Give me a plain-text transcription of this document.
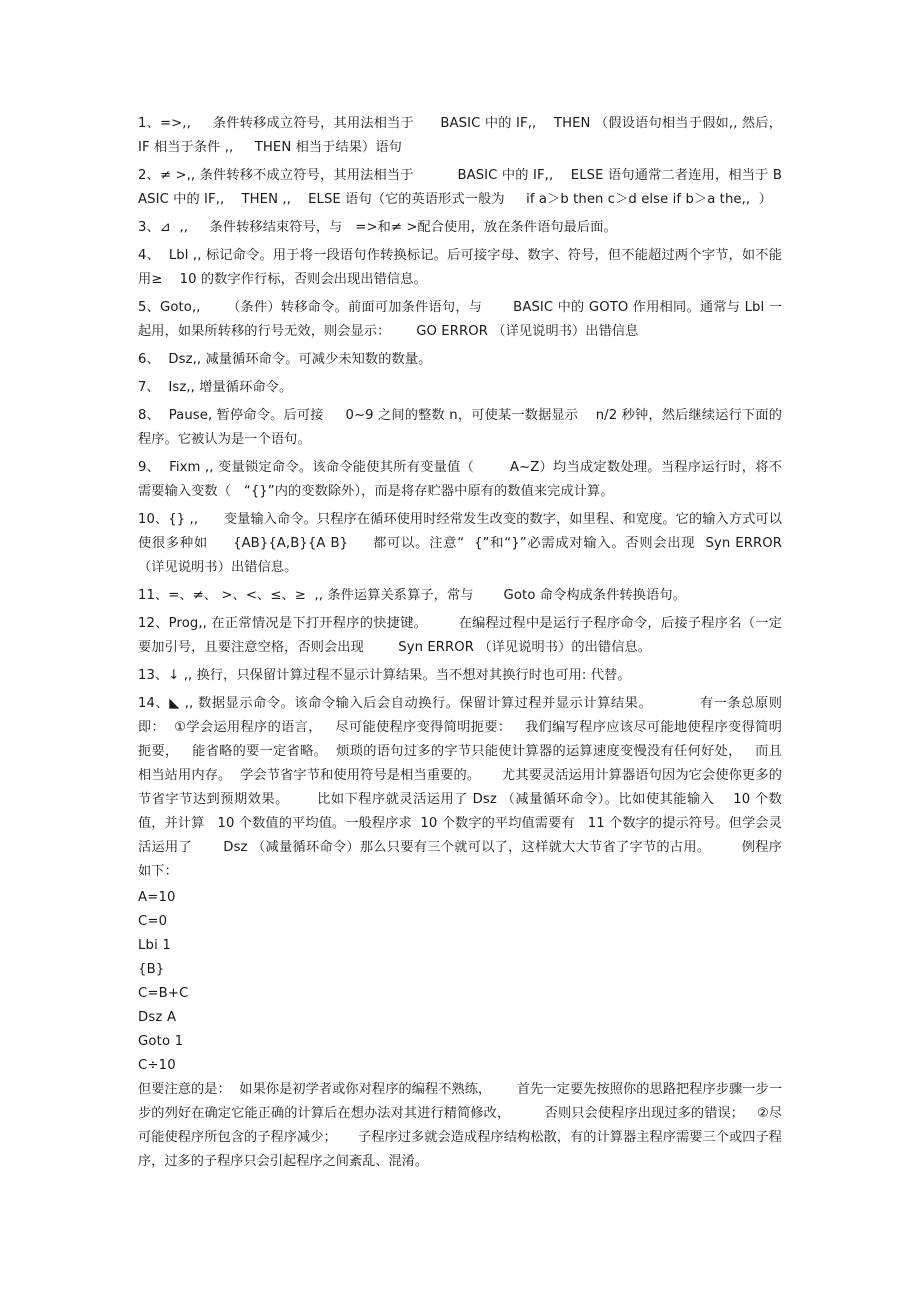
1、=>,,     条件转移成立符号，其用法相当于      BASIC 中的 IF,,    THEN （假设语句相当于假如,, 然后，     IF 相当于条件 ,,     THEN 相当于结果）语句

2、≠ >,, 条件转移不成立符号，其用法相当于          BASIC 中的 IF,,    ELSE 语句通常二者连用，相当于 BASIC 中的 IF,,    THEN ,,    ELSE 语句（它的英语形式一般为     if a＞b then c＞d else if b＞a the,,  ）

3、⊿  ,,     条件转移结束符号，与   =>和≠ >配合使用，放在条件语句最后面。

4、  Lbl ,, 标记命令。用于将一段语句作转换标记。后可接字母、数字、符号，但不能超过两个字节，如不能用≥    10 的数字作行标，否则会出现出错信息。

5、Goto,,      （条件）转移命令。前面可加条件语句，与       BASIC 中的 GOTO 作用相同。通常与 Lbl 一起用，如果所转移的行号无效，则会显示：      GO ERROR （详见说明书）出错信息

6、  Dsz,, 减量循环命令。可减少未知数的数量。

7、  Isz,, 增量循环命令。

8、  Pause, 暂停命令。后可接     0~9 之间的整数 n，可使某一数据显示    n/2 秒钟，然后继续运行下面的程序。它被认为是一个语句。

9、  Fixm ,, 变量锁定命令。该命令能使其所有变量值（        A~Z）均当成定数处理。当程序运行时，将不需要输入变数（   “{}”内的变数除外），而是将存贮器中原有的数值来完成计算。

10、{} ,,      变量输入命令。只程序在循环使用时经常发生改变的数字，如里程、和宽度。它的输入方式可以使很多种如     {AB}{A,B}{A B}     都可以。注意“  {”和“}”必需成对输入。否则会出现  Syn ERROR （详见说明书）出错信息。

11、=、≠、 >、<、≤、≥  ,, 条件运算关系算子，常与       Goto 命令构成条件转换语句。

12、Prog,, 在正常情况是下打开程序的快捷键。       在编程过程中是运行子程序命令，后接子程序名（一定要加引号，且要注意空格，否则会出现        Syn ERROR （详见说明书）的出错信息。

13、↓ ,, 换行，只保留计算过程不显示计算结果。当不想对其换行时也可用: 代替。

14、◣ ,, 数据显示命令。该命令输入后会自动换行。保留计算过程并显示计算结果。          有一条总原则即：  ①学会运用程序的语言，   尽可能使程序变得简明扼要：   我们编写程序应该尽可能地使程序变得简明扼要，   能省略的要一定省略。  烦琐的语句过多的字节只能使计算器的运算速度变慢没有任何好处，   而且相当站用内存。  学会节省字节和使用符号是相当重要的。     尤其要灵活运用计算器语句因为它会使你更多的节省字节达到预期效果。      比如下程序就灵活运用了 Dsz （减量循环命令）。比如使其能输入    10 个数值，并计算   10 个数值的平均值。一般程序求  10 个数字的平均值需要有   11 个数字的提示符号。但学会灵活运用了       Dsz （减量循环命令）那么只要有三个就可以了，这样就大大节省了字节的占用。       例程序如下：

A=10

C=0

Lbi 1

{B}

C=B+C

Dsz A

Goto 1

C÷10

但要注意的是：  如果你是初学者或你对程序的编程不熟练，      首先一定要先按照你的思路把程序步骤一步一步的列好在确定它能正确的计算后在想办法对其进行精简修改，        否则只会使程序出现过多的错误；   ②尽可能使程序所包含的子程序减少；     子程序过多就会造成程序结构松散，有的计算器主程序需要三个或四子程序，过多的子程序只会引起程序之间紊乱、混淆。
